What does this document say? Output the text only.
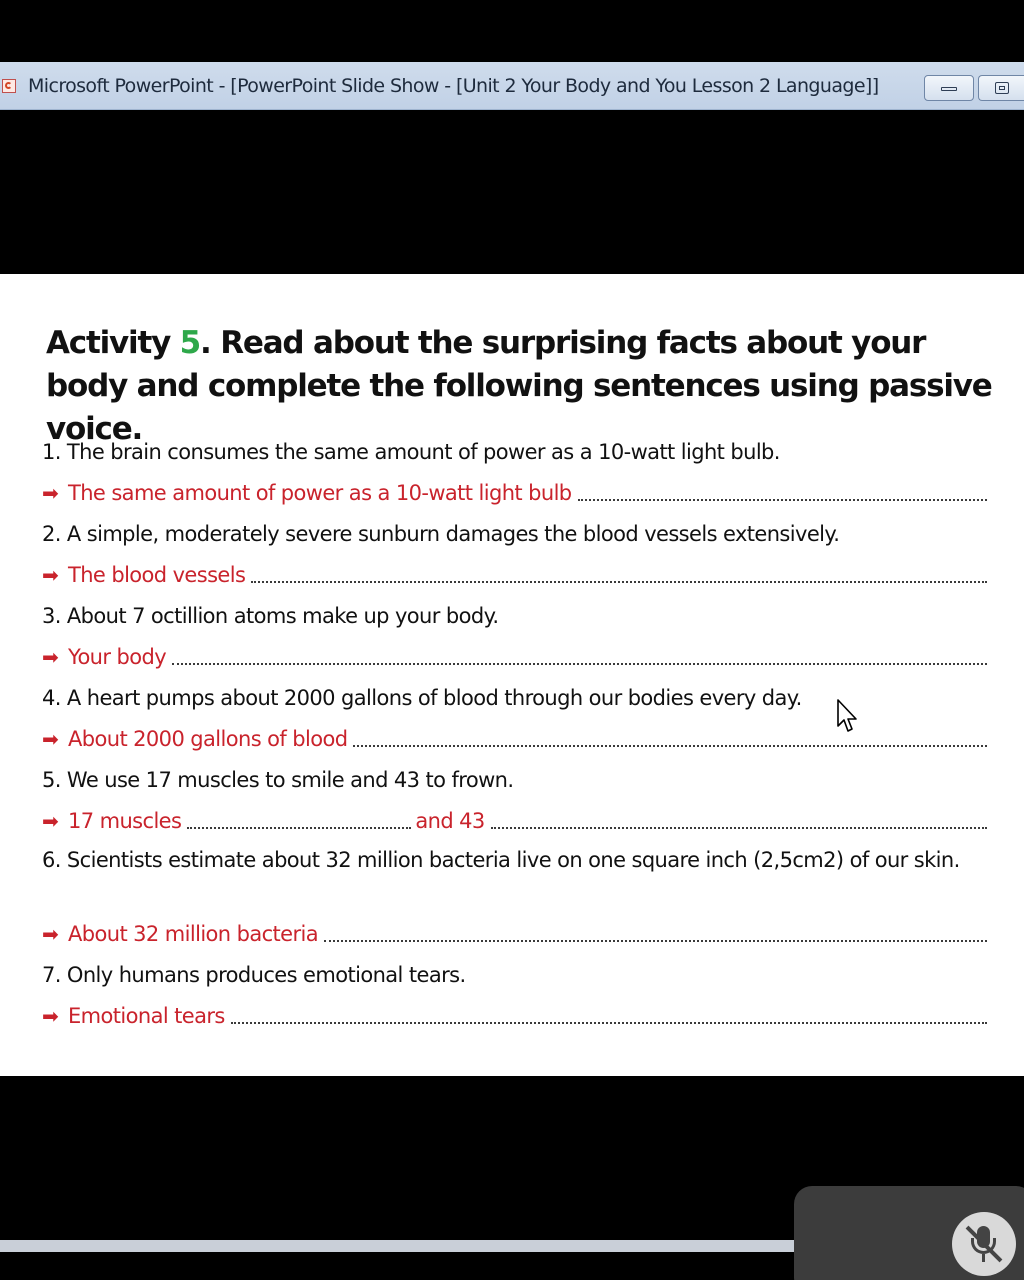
Microsoft PowerPoint - [PowerPoint Slide Show - [Unit 2 Your Body and You Lesson 2 Language]]
Activity 5. Read about the surprising facts about your body and complete the following sentences using passive voice.
1. The brain consumes the same amount of power as a 10-watt light bulb.
➡ The same amount of power as a 10-watt light bulb
2. A simple, moderately severe sunburn damages the blood vessels extensively.
➡ The blood vessels
3. About 7 octillion atoms make up your body.
➡ Your body
4. A heart pumps about 2000 gallons of blood through our bodies every day.
➡ About 2000 gallons of blood
5. We use 17 muscles to smile and 43 to frown.
➡ 17 muscles	and 43
6. Scientists estimate about 32 million bacteria live on one square inch (2,5cm2) of our skin.
➡ About 32 million bacteria
7. Only humans produces emotional tears.
➡ Emotional tears
